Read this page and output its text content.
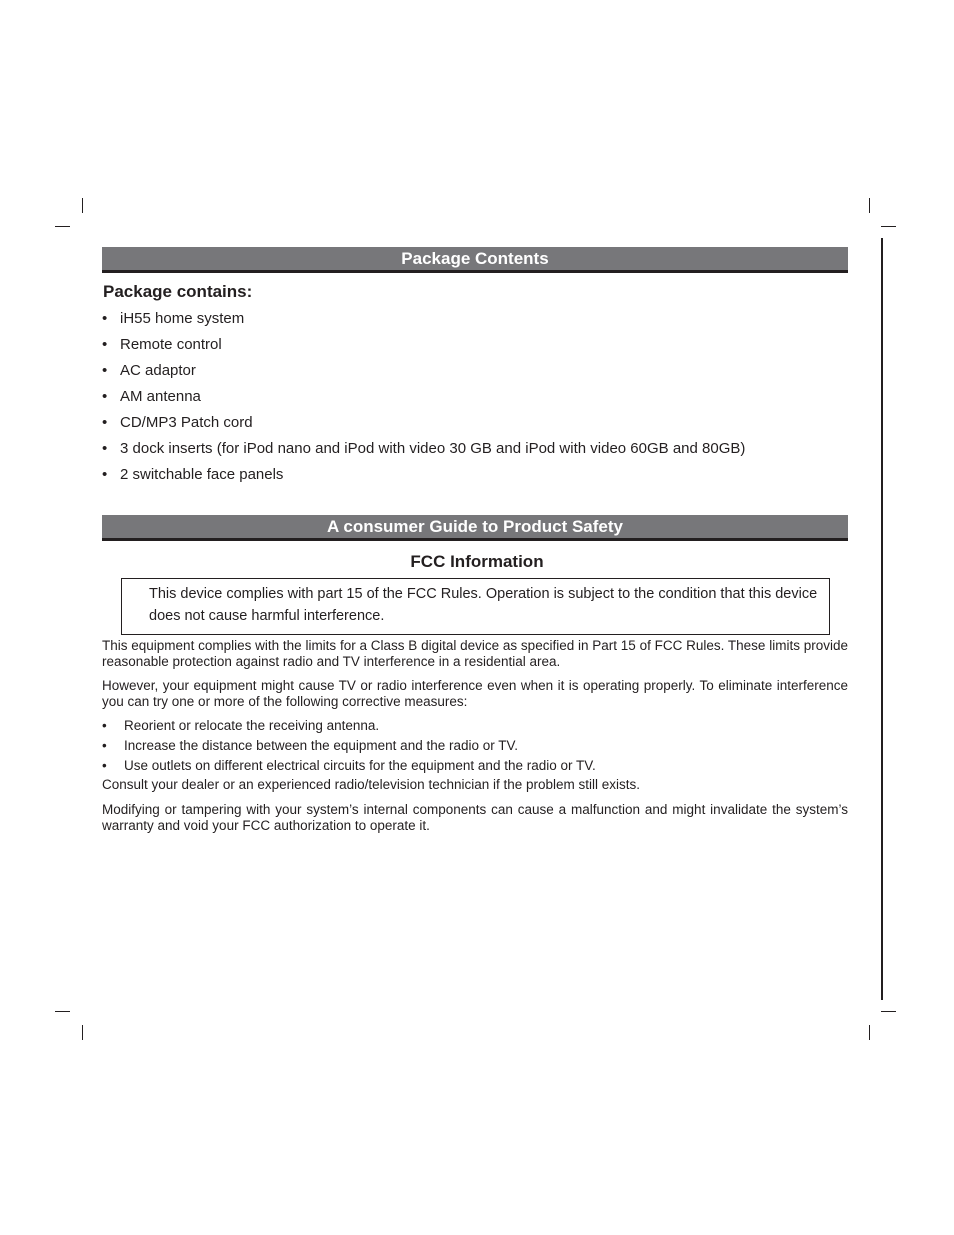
Package Contents
Package contains:
• iH55 home system
• Remote control
• AC adaptor
• AM antenna
• CD/MP3 Patch cord
• 3 dock inserts (for iPod nano and iPod with video 30 GB and iPod with video 60GB and 80GB)
• 2 switchable face panels
A consumer Guide to Product Safety
FCC Information
This device complies with part 15 of the FCC Rules. Operation is subject to the condition that this device does not cause harmful interference.

This equipment complies with the limits for a Class B digital device as specified in Part 15 of FCC Rules. These limits provide reasonable protection against radio and TV interference in a residential area.

However, your equipment might cause TV or radio interference even when it is operating properly. To eliminate interference you can try one or more of the following corrective measures:

•	Reorient or relocate the receiving antenna.
•	Increase the distance between the equipment and the radio or TV.
•	Use outlets on different electrical circuits for the equipment and the radio or TV.

Consult your dealer or an experienced radio/television technician if the problem still exists.

Modifying or tampering with your system’s internal components can cause a malfunction and might invalidate the system’s warranty and void your FCC authorization to operate it.
